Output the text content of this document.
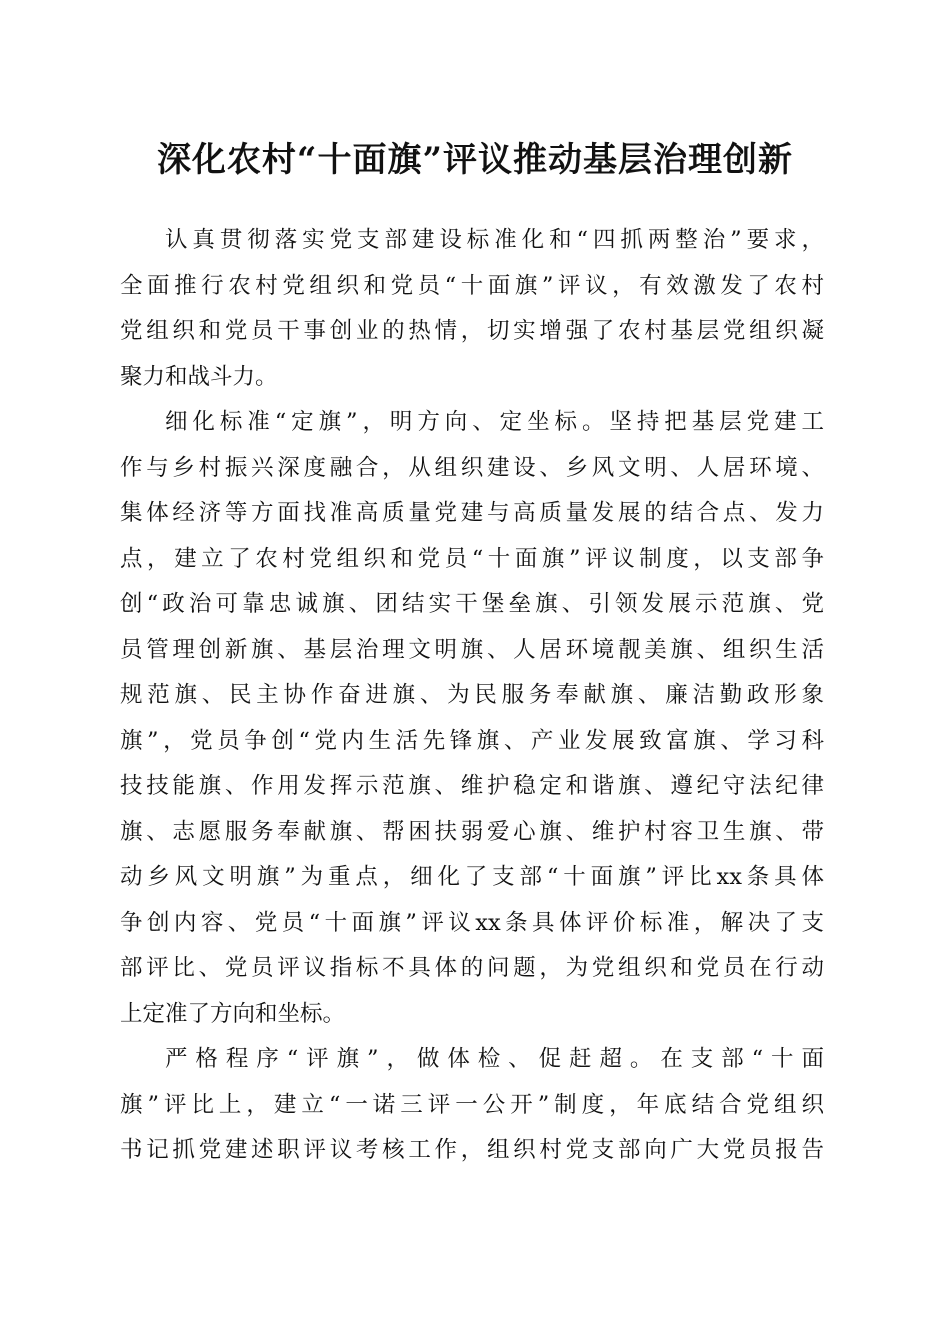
深化农村“十面旗”评议推动基层治理创新
认真贯彻落实党支部建设标准化和“四抓两整治”要求，
全面推行农村党组织和党员“十面旗”评议，有效激发了农村
党组织和党员干事创业的热情，切实增强了农村基层党组织凝
聚力和战斗力。
细化标准“定旗”，明方向、定坐标。坚持把基层党建工
作与乡村振兴深度融合，从组织建设、乡风文明、人居环境、
集体经济等方面找准高质量党建与高质量发展的结合点、发力
点，建立了农村党组织和党员“十面旗”评议制度，以支部争
创“政治可靠忠诚旗、团结实干堡垒旗、引领发展示范旗、党
员管理创新旗、基层治理文明旗、人居环境靓美旗、组织生活
规范旗、民主协作奋进旗、为民服务奉献旗、廉洁勤政形象
旗”，党员争创“党内生活先锋旗、产业发展致富旗、学习科
技技能旗、作用发挥示范旗、维护稳定和谐旗、遵纪守法纪律
旗、志愿服务奉献旗、帮困扶弱爱心旗、维护村容卫生旗、带
动乡风文明旗”为重点，细化了支部“十面旗”评比xx条具体
争创内容、党员“十面旗”评议xx条具体评价标准，解决了支
部评比、党员评议指标不具体的问题，为党组织和党员在行动
上定准了方向和坐标。
严格程序“评旗”，做体检、促赶超。在支部“十面
旗”评比上，建立“一诺三评一公开”制度，年底结合党组织
书记抓党建述职评议考核工作，组织村党支部向广大党员报告
